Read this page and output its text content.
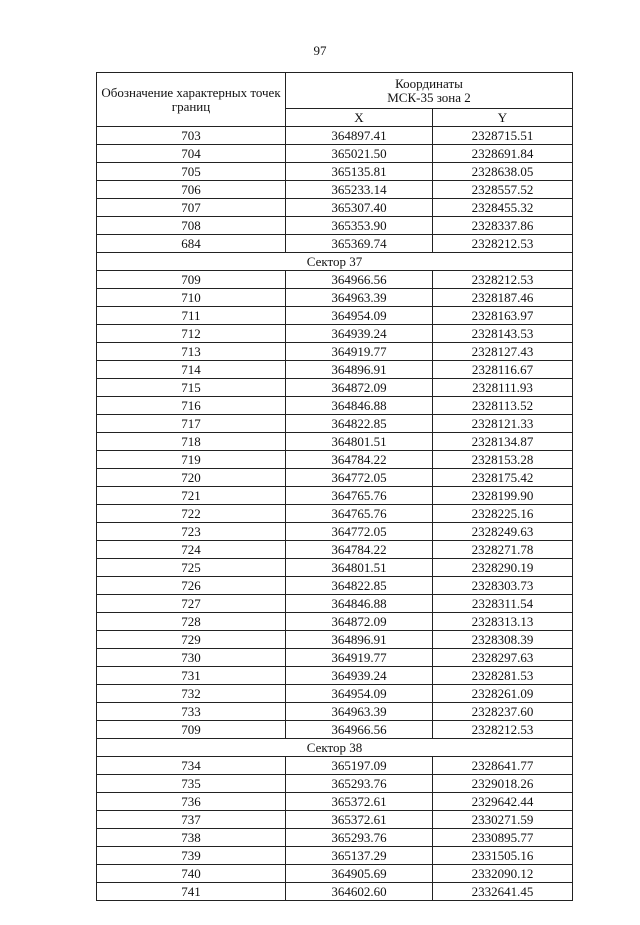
97
Обозначение характерных точек границ	Координаты
МСК-35 зона 2	

	X	Y
703	364897.41	2328715.51
704	365021.50	2328691.84
705	365135.81	2328638.05
706	365233.14	2328557.52
707	365307.40	2328455.32
708	365353.90	2328337.86
684	365369.74	2328212.53
Сектор 37		
709	364966.56	2328212.53
710	364963.39	2328187.46
711	364954.09	2328163.97
712	364939.24	2328143.53
713	364919.77	2328127.43
714	364896.91	2328116.67
715	364872.09	2328111.93
716	364846.88	2328113.52
717	364822.85	2328121.33
718	364801.51	2328134.87
719	364784.22	2328153.28
720	364772.05	2328175.42
721	364765.76	2328199.90
722	364765.76	2328225.16
723	364772.05	2328249.63
724	364784.22	2328271.78
725	364801.51	2328290.19
726	364822.85	2328303.73
727	364846.88	2328311.54
728	364872.09	2328313.13
729	364896.91	2328308.39
730	364919.77	2328297.63
731	364939.24	2328281.53
732	364954.09	2328261.09
733	364963.39	2328237.60
709	364966.56	2328212.53
Сектор 38		
734	365197.09	2328641.77
735	365293.76	2329018.26
736	365372.61	2329642.44
737	365372.61	2330271.59
738	365293.76	2330895.77
739	365137.29	2331505.16
740	364905.69	2332090.12
741	364602.60	2332641.45
